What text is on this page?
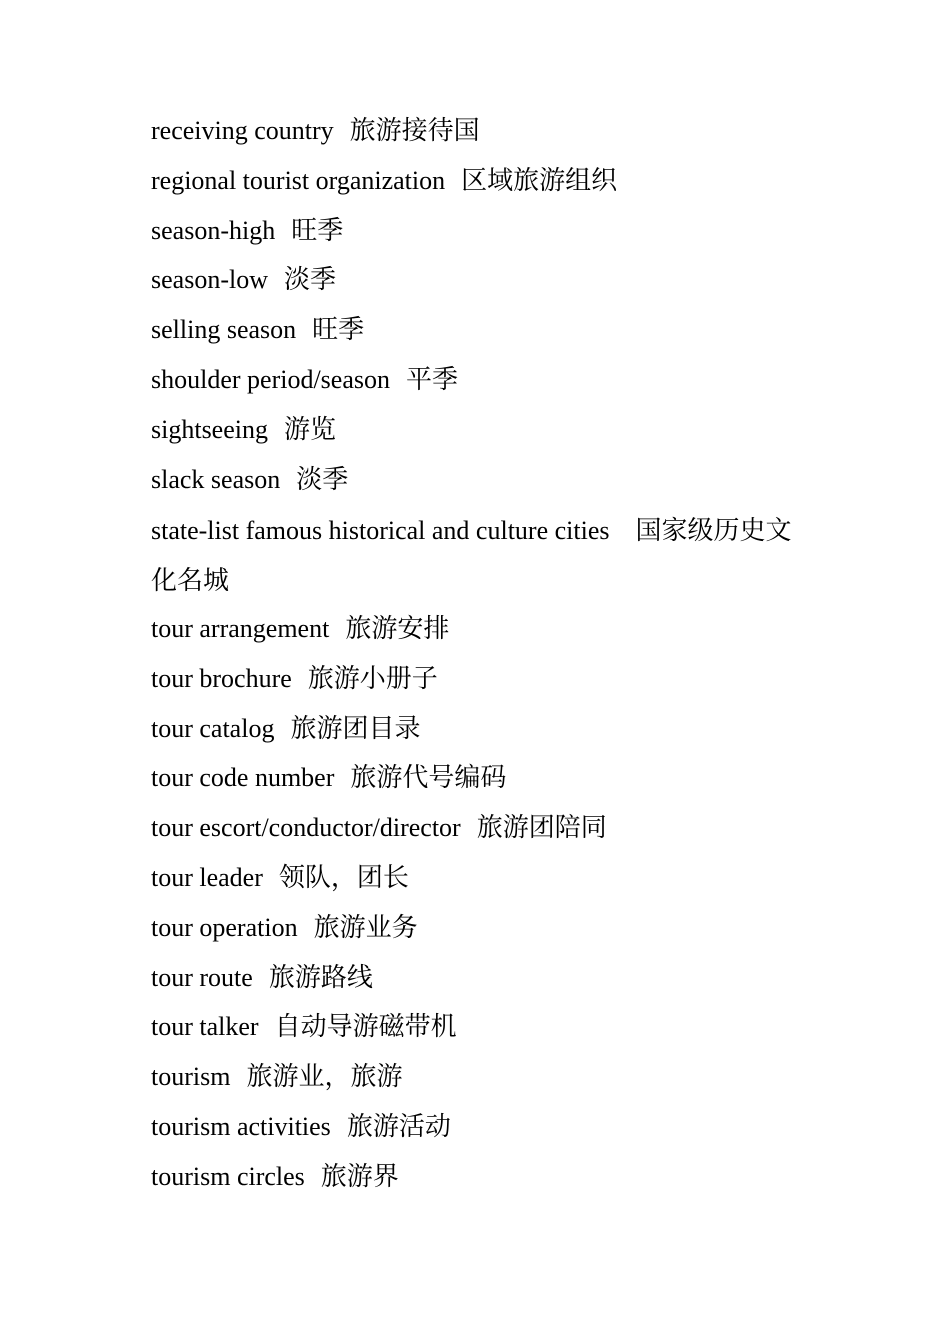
receiving country 旅游接待国
regional tourist organization 区域旅游组织
season-high 旺季
season-low 淡季
selling season 旺季
shoulder period/season 平季
sightseeing 游览
slack season 淡季
state-list famous historical and culture cities 国家级历史文化名城
tour arrangement 旅游安排
tour brochure 旅游小册子
tour catalog 旅游团目录
tour code number 旅游代号编码
tour escort/conductor/director 旅游团陪同
tour leader 领队，团长
tour operation 旅游业务
tour route 旅游路线
tour talker 自动导游磁带机
tourism 旅游业，旅游
tourism activities 旅游活动
tourism circles 旅游界
